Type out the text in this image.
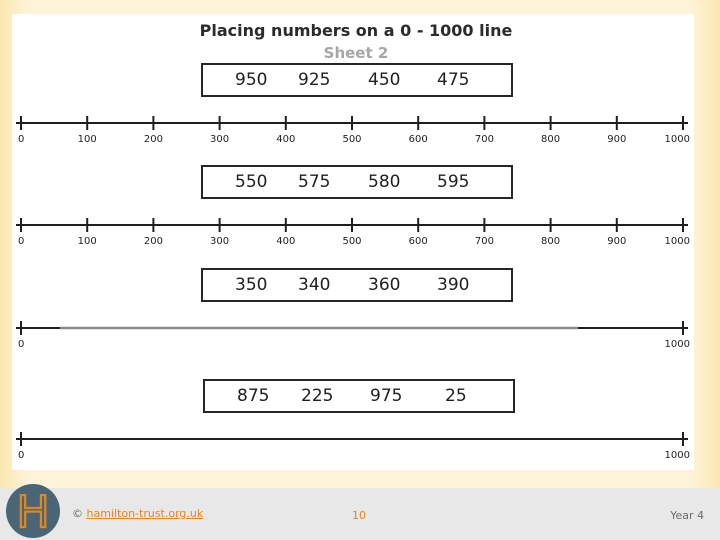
Placing numbers on a 0 - 1000 line
Sheet 2
950 925 450 475
0	100	200	300	400	500	600	700	800	900	1000
550 575 580 595
0	100	200	300	400	500	600	700	800	900	1000
350 340 360 390
0	1000
875 225 975	25
0	1000
H © hamilton-trust.org.uk	10	Year 4
